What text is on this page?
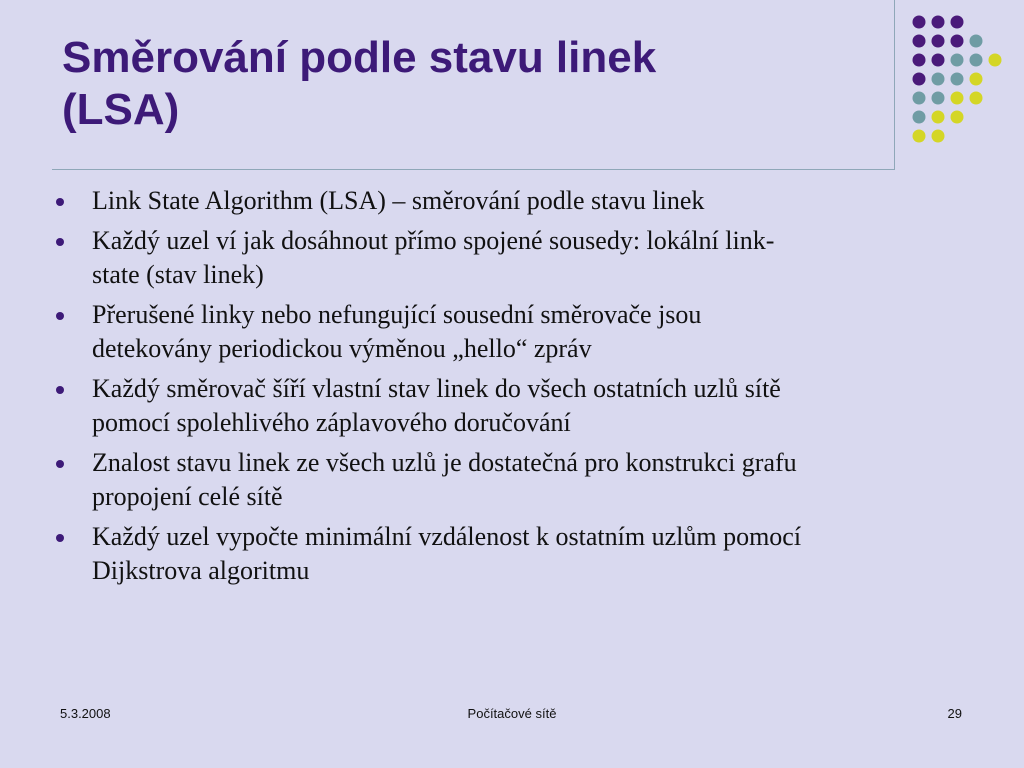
Směrování podle stavu linek
(LSA)
Link State Algorithm (LSA) – směrování podle stavu linek
Každý uzel ví jak dosáhnout přímo spojené sousedy: lokální link-
state (stav linek)
Přerušené linky nebo nefungující sousední směrovače jsou
detekovány periodickou výměnou „hello“ zpráv
Každý směrovač šíří vlastní stav linek do všech ostatních uzlů sítě
pomocí spolehlivého záplavového doručování
Znalost stavu linek ze všech uzlů je dostatečná pro konstrukci grafu
propojení celé sítě
Každý uzel vypočte minimální vzdálenost k ostatním uzlům pomocí
Dijkstrova algoritmu
5.3.2008	Počítačové sítě	29
